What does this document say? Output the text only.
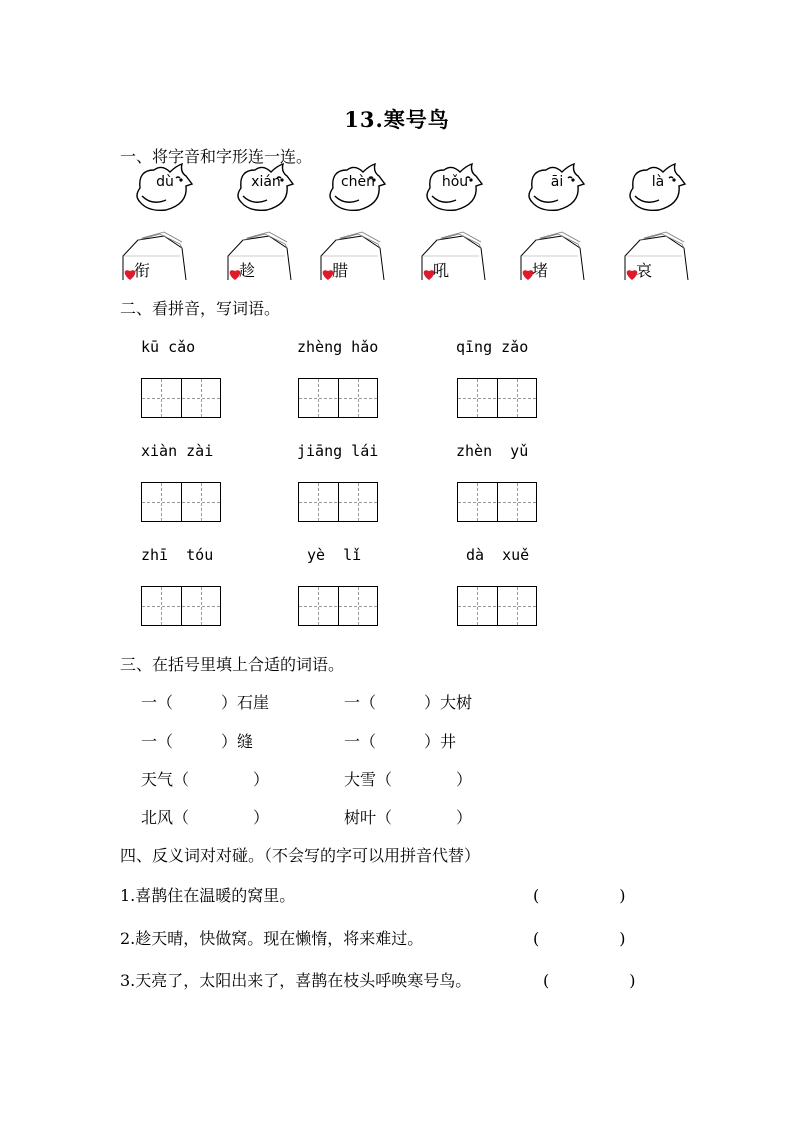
13.寒号鸟
一、将字音和字形连一连。
dù	xián	chèn	hǒu	āi	là
衔	趁	腊	吼	堵	哀
二、看拼音，写词语。
kū cǎo	zhèng hǎo	qīng zǎo
xiàn zài	jiāng lái	zhèn  yǔ
zhī  tóu	yè  lǐ	dà  xuě
三、在括号里填上合适的词语。
一（　　　）石崖	一（　　　）大树
一（　　　）缝	一（　　　）井
天气（　　　　）	大雪（　　　　）
北风（　　　　）	树叶（　　　　）
四、反义词对对碰。（不会写的字可以用拼音代替）
1.喜鹊住在温暖的窝里。	(　　　　　)
2.趁天晴，快做窝。现在懒惰，将来难过。	(　　　　　)
3.天亮了，太阳出来了，喜鹊在枝头呼唤寒号鸟。	(　　　　　)
